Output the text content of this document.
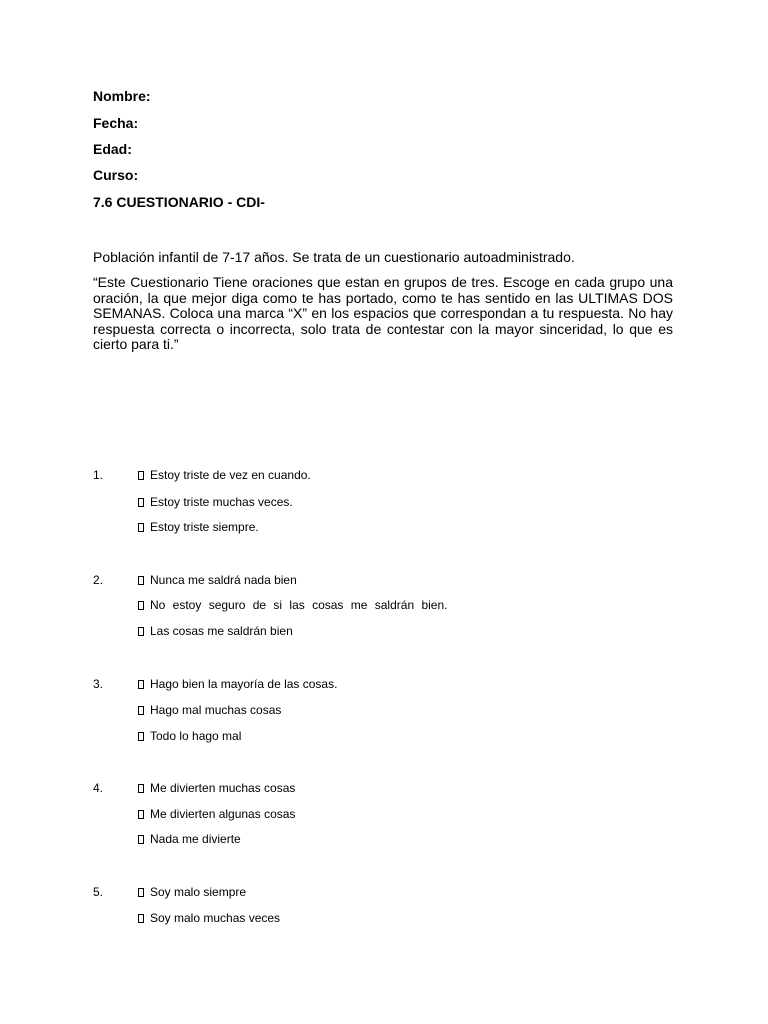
Nombre:
Fecha:
Edad:
Curso:
7.6 CUESTIONARIO - CDI-
Población infantil de 7-17 años. Se trata de un cuestionario autoadministrado.
“Este Cuestionario Tiene oraciones que estan en grupos de tres. Escoge en cada grupo una oración, la que mejor diga como te has portado, como te has sentido en las ULTIMAS DOS SEMANAS. Coloca una marca “X” en los espacios que correspondan a tu respuesta. No hay respuesta correcta o incorrecta, solo trata de contestar con la mayor sinceridad, lo que es cierto para ti.”
1.	Estoy triste de vez en cuando.
Estoy triste muchas veces.
Estoy triste siempre.
2.	Nunca me saldrá nada bien
No estoy seguro de si las cosas me saldrán bien.
Las cosas me saldrán bien
3.	Hago bien la mayoría de las cosas.
Hago mal muchas cosas
Todo lo hago mal
4.	Me divierten muchas cosas
Me divierten algunas cosas
Nada me divierte
5.	Soy malo siempre
Soy malo muchas veces
